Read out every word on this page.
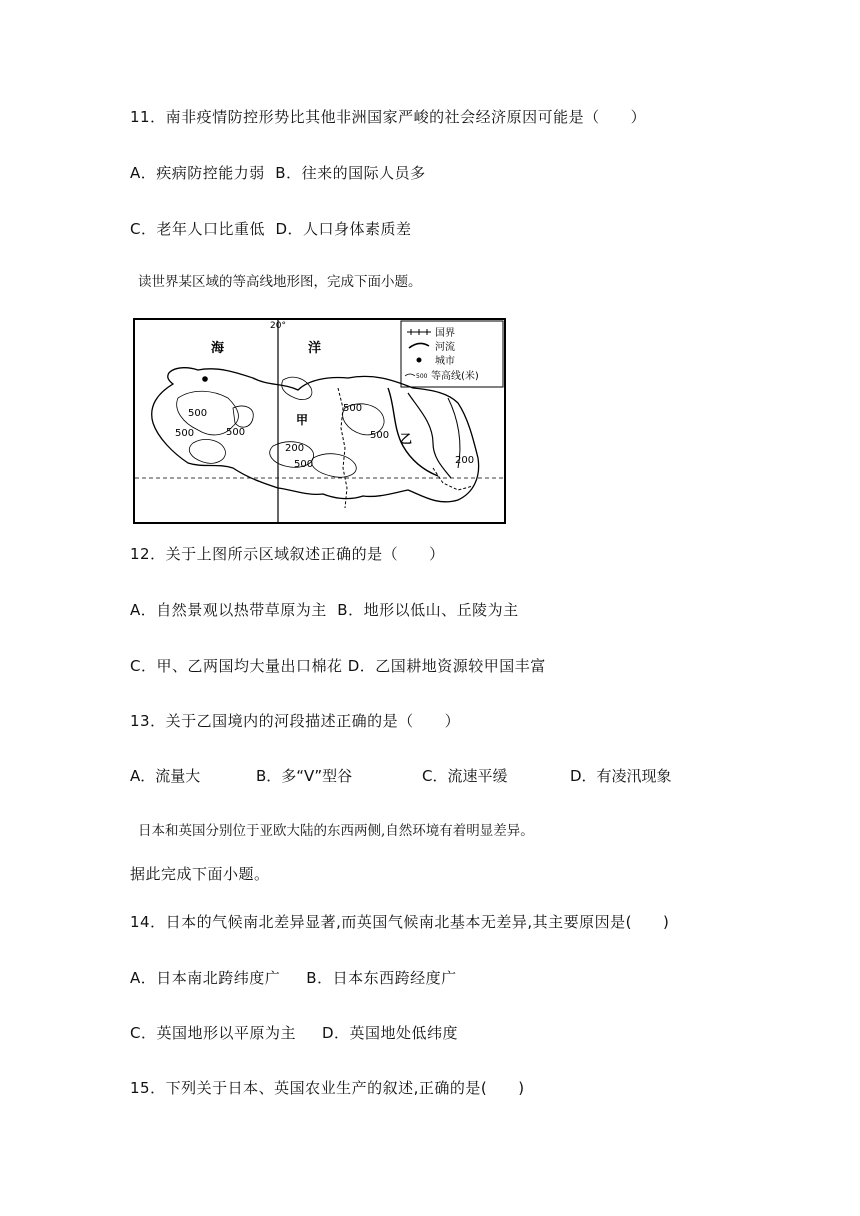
11．南非疫情防控形势比其他非洲国家严峻的社会经济原因可能是（　　）
A．疾病防控能力弱  B．往来的国际人员多
C．老年人口比重低  D．人口身体素质差
读世界某区域的等高线地形图，完成下面小题。
20°
海	洋
国界
河流
城市
500 等高线(米)
甲
乙
500
500	500
500
500
200
500	200
12．关于上图所示区域叙述正确的是（　　）
A．自然景观以热带草原为主  B．地形以低山、丘陵为主
C．甲、乙两国均大量出口棉花 D．乙国耕地资源较甲国丰富
13．关于乙国境内的河段描述正确的是（　　）

A．流量大

	B．多“V”型谷

	C．流速平缓

	D．有凌汛现象

日本和英国分别位于亚欧大陆的东西两侧,自然环境有着明显差异。
据此完成下面小题。
14．日本的气候南北差异显著,而英国气候南北基本无差异,其主要原因是(　　)
A．日本南北跨纬度广　  B．日本东西跨经度广
C．英国地形以平原为主　  D．英国地处低纬度
15．下列关于日本、英国农业生产的叙述,正确的是(　　)
